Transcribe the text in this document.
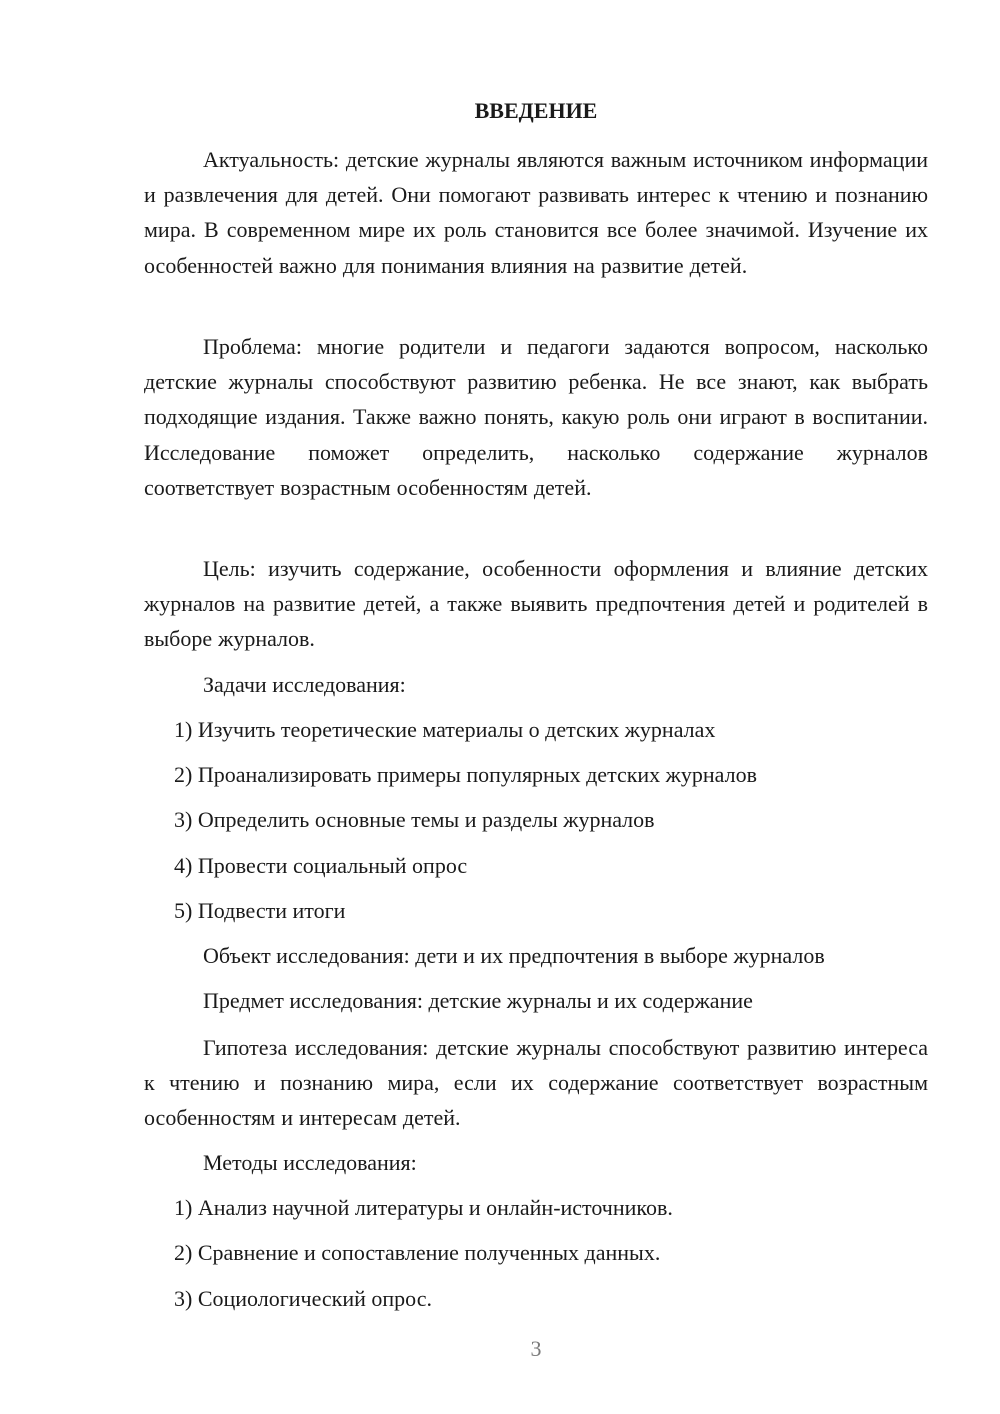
ВВЕДЕНИЕ

Актуальность: детские журналы являются важным источником информации и развлечения для детей. Они помогают развивать интерес к чтению и познанию мира. В современном мире их роль становится все более значимой. Изучение их особенностей важно для понимания влияния на развитие детей.

Проблема: многие родители и педагоги задаются вопросом, насколько детские журналы способствуют развитию ребенка. Не все знают, как выбрать подходящие издания. Также важно понять, какую роль они играют в воспитании. Исследование поможет определить, насколько содержание журналов соответствует возрастным особенностям детей.

Цель: изучить содержание, особенности оформления и влияние детских журналов на развитие детей, а также выявить предпочтения детей и родителей в выборе журналов.

Задачи исследования:

1) Изучить теоретические материалы о детских журналах

2) Проанализировать примеры популярных детских журналов

3) Определить основные темы и разделы журналов

4) Провести социальный опрос

5) Подвести итоги

Объект исследования: дети и их предпочтения в выборе журналов

Предмет исследования: детские журналы и их содержание

Гипотеза исследования: детские журналы способствуют развитию интереса к чтению и познанию мира, если их содержание соответствует возрастным особенностям и интересам детей.

Методы исследования:

1) Анализ научной литературы и онлайн-источников.

2) Сравнение и сопоставление полученных данных.

3) Социологический опрос.

3
